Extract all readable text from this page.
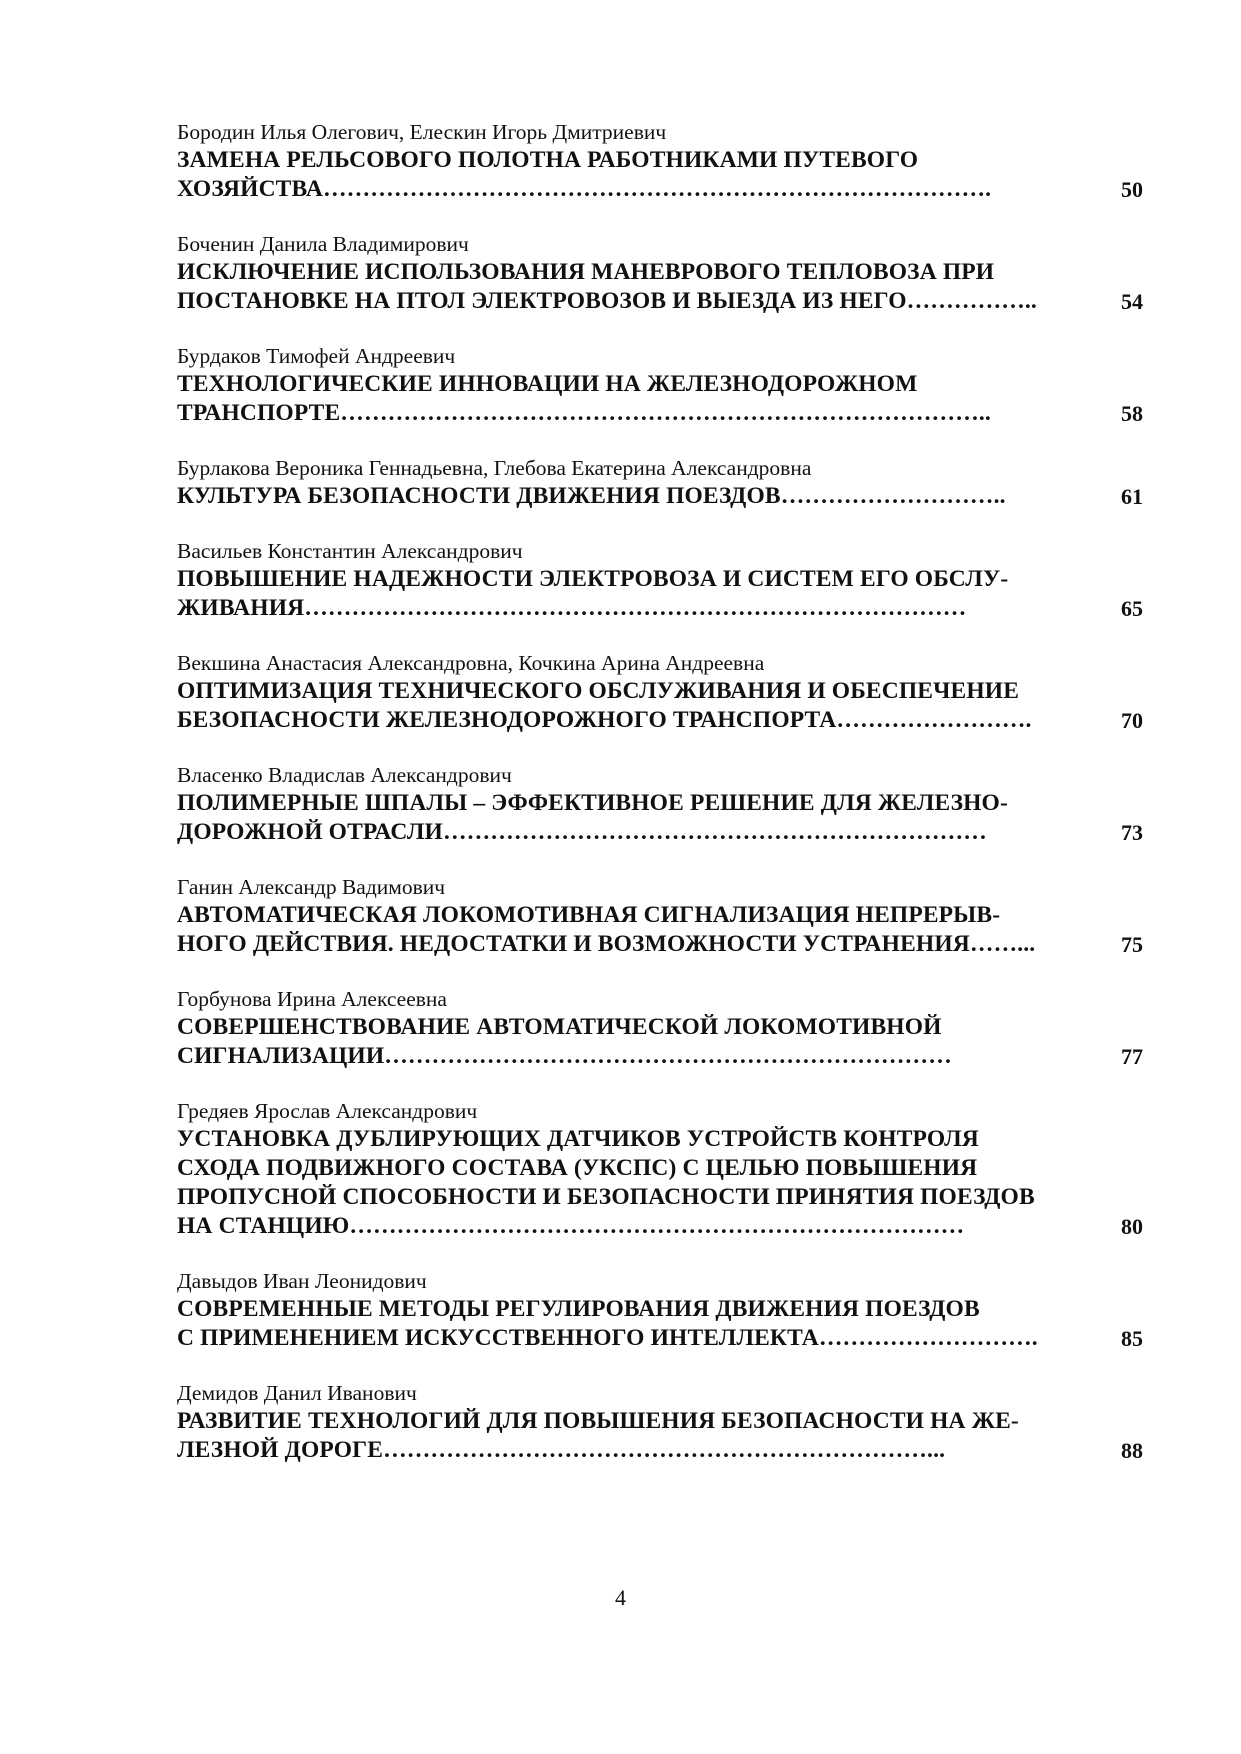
Бородин Илья Олегович, Елескин Игорь Дмитриевич
ЗАМЕНА РЕЛЬСОВОГО ПОЛОТНА РАБОТНИКАМИ ПУТЕВОГО
ХОЗЯЙСТВА………………………………………………………………………….	50
Боченин Данила Владимирович
ИСКЛЮЧЕНИЕ ИСПОЛЬЗОВАНИЯ МАНЕВРОВОГО ТЕПЛОВОЗА ПРИ
ПОСТАНОВКЕ НА ПТОЛ ЭЛЕКТРОВОЗОВ И ВЫЕЗДА ИЗ НЕГО……………..	54
Бурдаков Тимофей Андреевич
ТЕХНОЛОГИЧЕСКИЕ ИННОВАЦИИ НА ЖЕЛЕЗНОДОРОЖНОМ
ТРАНСПОРТЕ………………………………………………………………………..	58
Бурлакова Вероника Геннадьевна, Глебова Екатерина Александровна
КУЛЬТУРА БЕЗОПАСНОСТИ ДВИЖЕНИЯ ПОЕЗДОВ………………………..	61
Васильев Константин Александрович
ПОВЫШЕНИЕ НАДЕЖНОСТИ ЭЛЕКТРОВОЗА И СИСТЕМ ЕГО ОБСЛУ-
ЖИВАНИЯ…………………………………………………………………………	65
Векшина Анастасия Александровна, Кочкина Арина Андреевна
ОПТИМИЗАЦИЯ ТЕХНИЧЕСКОГО ОБСЛУЖИВАНИЯ И ОБЕСПЕЧЕНИЕ
БЕЗОПАСНОСТИ ЖЕЛЕЗНОДОРОЖНОГО ТРАНСПОРТА…………………….	70
Власенко Владислав Александрович
ПОЛИМЕРНЫЕ ШПАЛЫ – ЭФФЕКТИВНОЕ РЕШЕНИЕ ДЛЯ ЖЕЛЕЗНО-
ДОРОЖНОЙ ОТРАСЛИ……………………………………………………………	73
Ганин Александр Вадимович
АВТОМАТИЧЕСКАЯ ЛОКОМОТИВНАЯ СИГНАЛИЗАЦИЯ НЕПРЕРЫВ-
НОГО ДЕЙСТВИЯ. НЕДОСТАТКИ И ВОЗМОЖНОСТИ УСТРАНЕНИЯ……...	75
Горбунова Ирина Алексеевна
СОВЕРШЕНСТВОВАНИЕ АВТОМАТИЧЕСКОЙ ЛОКОМОТИВНОЙ
СИГНАЛИЗАЦИИ………………………………………………………………	77
Гредяев Ярослав Александрович
УСТАНОВКА ДУБЛИРУЮЩИХ ДАТЧИКОВ УСТРОЙСТВ КОНТРОЛЯ
СХОДА ПОДВИЖНОГО СОСТАВА (УКСПС) С ЦЕЛЬЮ ПОВЫШЕНИЯ
ПРОПУСНОЙ СПОСОБНОСТИ И БЕЗОПАСНОСТИ ПРИНЯТИЯ ПОЕЗДОВ
НА СТАНЦИЮ……………………………………………………………………	80
Давыдов Иван Леонидович
СОВРЕМЕННЫЕ МЕТОДЫ РЕГУЛИРОВАНИЯ ДВИЖЕНИЯ ПОЕЗДОВ
С ПРИМЕНЕНИЕМ ИСКУССТВЕННОГО ИНТЕЛЛЕКТА……………………….	85
Демидов Данил Иванович
РАЗВИТИЕ ТЕХНОЛОГИЙ ДЛЯ ПОВЫШЕНИЯ БЕЗОПАСНОСТИ НА ЖЕ-
ЛЕЗНОЙ ДОРОГЕ……………………………………………………………...	88
4
